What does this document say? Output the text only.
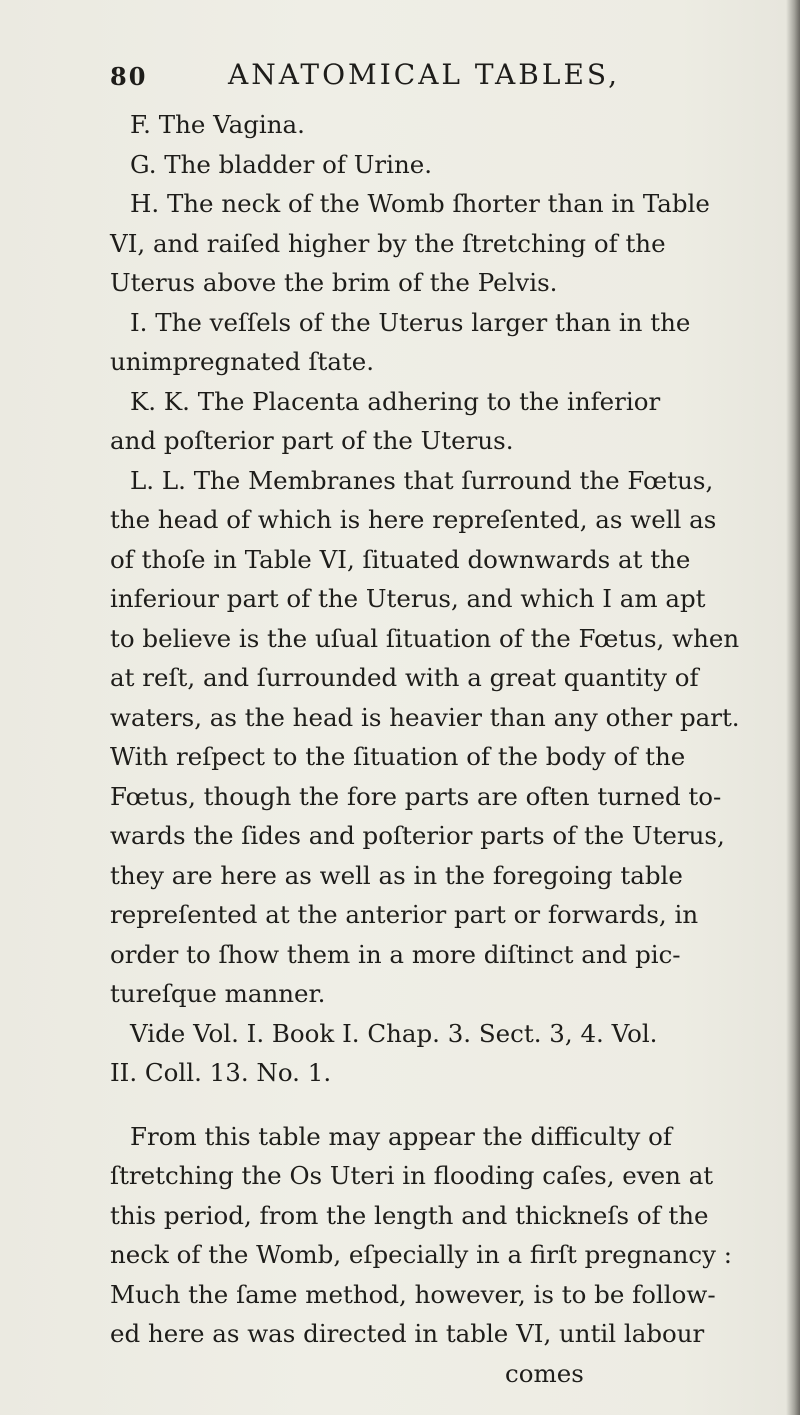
80	ANATOMICAL TABLES,
F. The Vagina.
G. The bladder of Urine.
H. The neck of the Womb ſhorter than in Table
VI, and raiſed higher by the ſtretching of the
Uterus above the brim of the Pelvis.
I. The veſſels of the Uterus larger than in the
unimpregnated ſtate.
K. K. The Placenta adhering to the inferior
and poſterior part of the Uterus.
L. L. The Membranes that ſurround the Fœtus,
the head of which is here repreſented, as well as
of thoſe in Table VI, ſituated downwards at the
inferiour part of the Uterus, and which I am apt
to believe is the uſual ſituation of the Fœtus, when
at reſt, and ſurrounded with a great quantity of
waters, as the head is heavier than any other part.
With reſpect to the ſituation of the body of the
Fœtus, though the fore parts are often turned to-
wards the ſides and poſterior parts of the Uterus,
they are here as well as in the foregoing table
repreſented at the anterior part or forwards, in
order to ſhow them in a more diſtinct and pic-
tureſque manner.
Vide Vol. I. Book I. Chap. 3. Sect. 3, 4. Vol.
II. Coll. 13. No. 1.
From this table may appear the difficulty of
ſtretching the Os Uteri in flooding caſes, even at
this period, from the length and thickneſs of the
neck of the Womb, eſpecially in a firſt pregnancy :
Much the ſame method, however, is to be follow-
ed here as was directed in table VI, until labour
comes
